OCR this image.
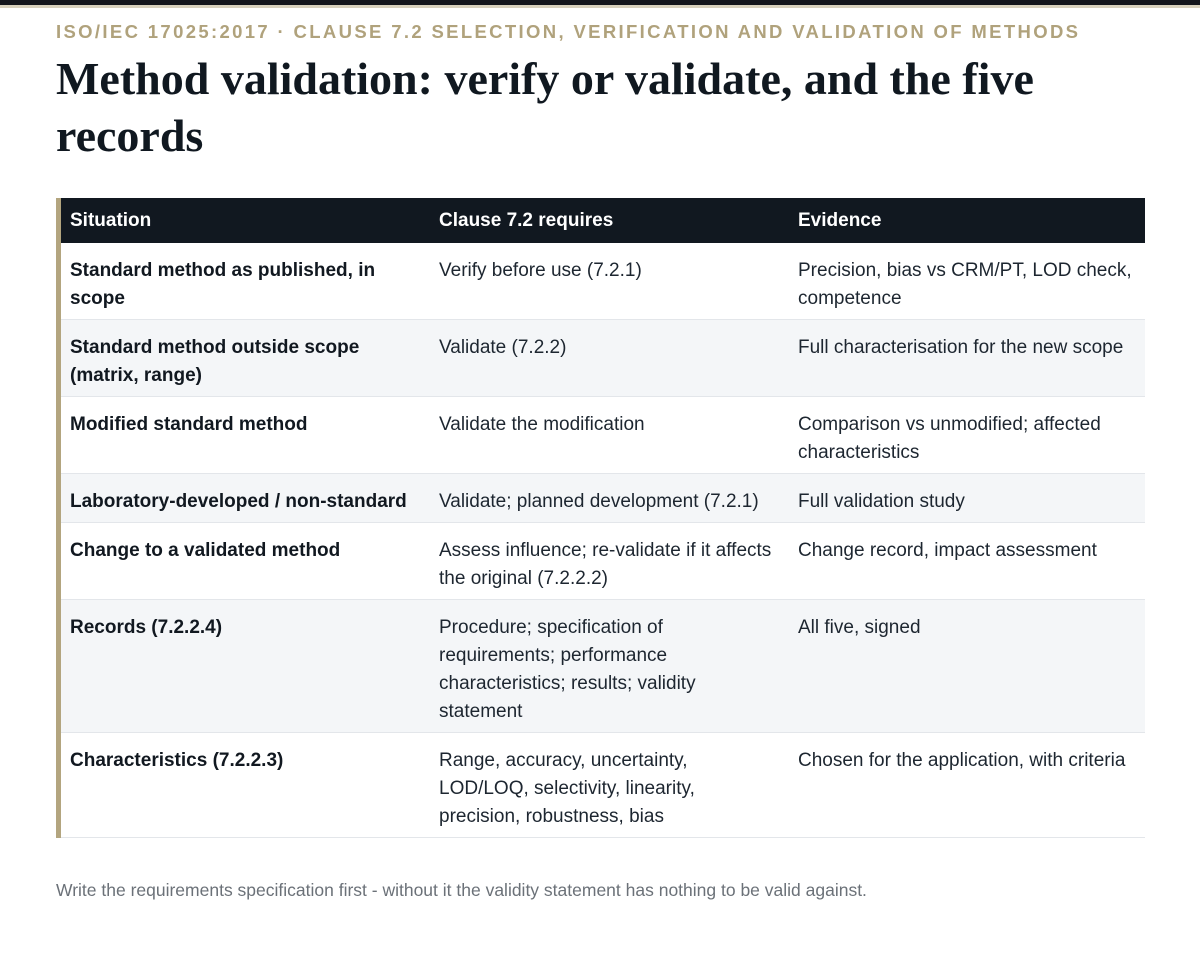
ISO/IEC 17025:2017 · CLAUSE 7.2 SELECTION, VERIFICATION AND VALIDATION OF METHODS
Method validation: verify or validate, and the five records
Situation	Clause 7.2 requires	Evidence
Standard method as published, in scope	Verify before use (7.2.1)	Precision, bias vs CRM/PT, LOD check, competence
Standard method outside scope (matrix, range)	Validate (7.2.2)	Full characterisation for the new scope
Modified standard method	Validate the modification	Comparison vs unmodified; affected characteristics
Laboratory-developed / non-standard	Validate; planned development (7.2.1)	Full validation study
Change to a validated method	Assess influence; re-validate if it affects the original (7.2.2.2)	Change record, impact assessment
Records (7.2.2.4)	Procedure; specification of requirements; performance characteristics; results; validity statement	All five, signed
Characteristics (7.2.2.3)	Range, accuracy, uncertainty, LOD/LOQ, selectivity, linearity, precision, robustness, bias	Chosen for the application, with criteria
Write the requirements specification first - without it the validity statement has nothing to be valid against.
